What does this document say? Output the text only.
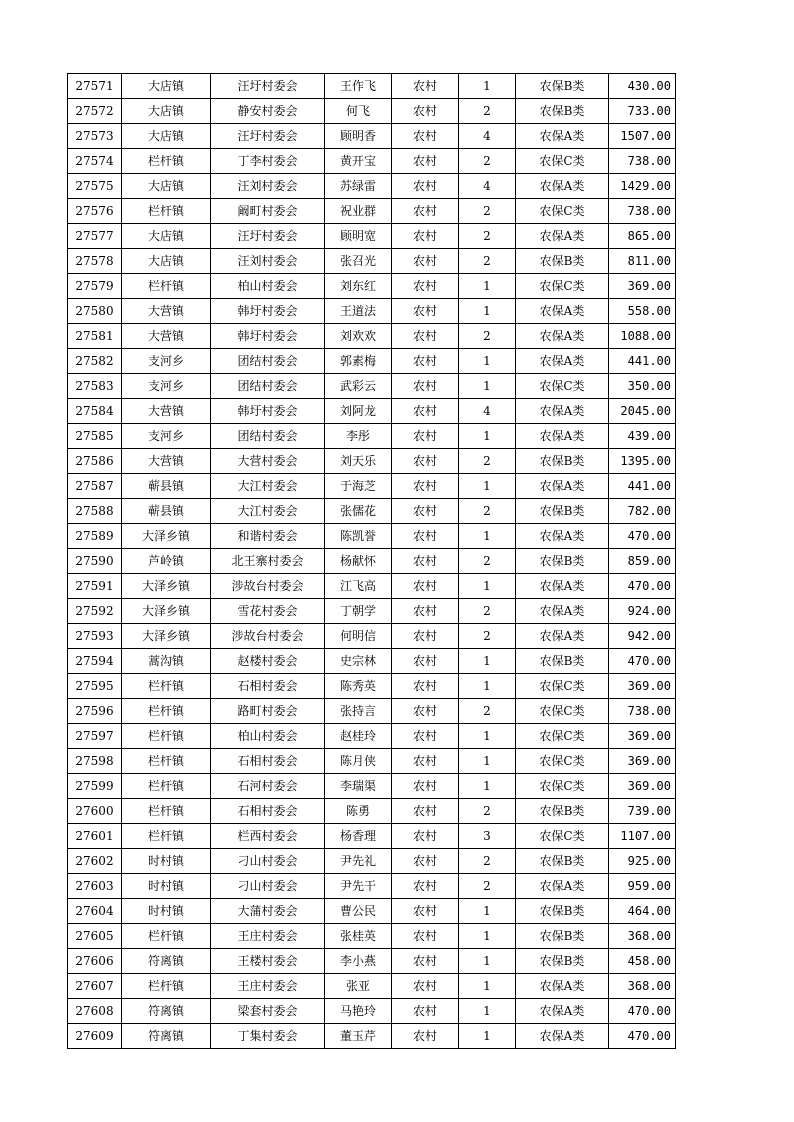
27571	大店镇	汪圩村委会	王作飞	农村	1	农保B类	430.00
27572	大店镇	静安村委会	何飞	农村	2	农保B类	733.00
27573	大店镇	汪圩村委会	顾明香	农村	4	农保A类	1507.00
27574	栏杆镇	丁李村委会	黄开宝	农村	2	农保C类	738.00
27575	大店镇	汪刘村委会	苏绿雷	农村	4	农保A类	1429.00
27576	栏杆镇	阚町村委会	祝业群	农村	2	农保C类	738.00
27577	大店镇	汪圩村委会	顾明宽	农村	2	农保A类	865.00
27578	大店镇	汪刘村委会	张召光	农村	2	农保B类	811.00
27579	栏杆镇	柏山村委会	刘东红	农村	1	农保C类	369.00
27580	大营镇	韩圩村委会	王道法	农村	1	农保A类	558.00
27581	大营镇	韩圩村委会	刘欢欢	农村	2	农保A类	1088.00
27582	支河乡	团结村委会	郭素梅	农村	1	农保A类	441.00
27583	支河乡	团结村委会	武彩云	农村	1	农保C类	350.00
27584	大营镇	韩圩村委会	刘阿龙	农村	4	农保A类	2045.00
27585	支河乡	团结村委会	李彤	农村	1	农保A类	439.00
27586	大营镇	大营村委会	刘天乐	农村	2	农保B类	1395.00
27587	蕲县镇	大江村委会	于海芝	农村	1	农保A类	441.00
27588	蕲县镇	大江村委会	张儒花	农村	2	农保B类	782.00
27589	大泽乡镇	和谐村委会	陈凯誉	农村	1	农保A类	470.00
27590	芦岭镇	北王寨村委会	杨献怀	农村	2	农保B类	859.00
27591	大泽乡镇	涉故台村委会	江飞高	农村	1	农保A类	470.00
27592	大泽乡镇	雪花村委会	丁朝学	农村	2	农保A类	924.00
27593	大泽乡镇	涉故台村委会	何明信	农村	2	农保A类	942.00
27594	蒿沟镇	赵楼村委会	史宗林	农村	1	农保B类	470.00
27595	栏杆镇	石相村委会	陈秀英	农村	1	农保C类	369.00
27596	栏杆镇	路町村委会	张持言	农村	2	农保C类	738.00
27597	栏杆镇	柏山村委会	赵桂玲	农村	1	农保C类	369.00
27598	栏杆镇	石相村委会	陈月侠	农村	1	农保C类	369.00
27599	栏杆镇	石河村委会	李瑞渠	农村	1	农保C类	369.00
27600	栏杆镇	石相村委会	陈勇	农村	2	农保B类	739.00
27601	栏杆镇	栏西村委会	杨香理	农村	3	农保C类	1107.00
27602	时村镇	刁山村委会	尹先礼	农村	2	农保B类	925.00
27603	时村镇	刁山村委会	尹先干	农村	2	农保A类	959.00
27604	时村镇	大蒲村委会	曹公民	农村	1	农保B类	464.00
27605	栏杆镇	王庄村委会	张桂英	农村	1	农保B类	368.00
27606	符离镇	王楼村委会	李小燕	农村	1	农保B类	458.00
27607	栏杆镇	王庄村委会	张亚	农村	1	农保A类	368.00
27608	符离镇	梁套村委会	马艳玲	农村	1	农保A类	470.00
27609	符离镇	丁集村委会	董玉芹	农村	1	农保A类	470.00
